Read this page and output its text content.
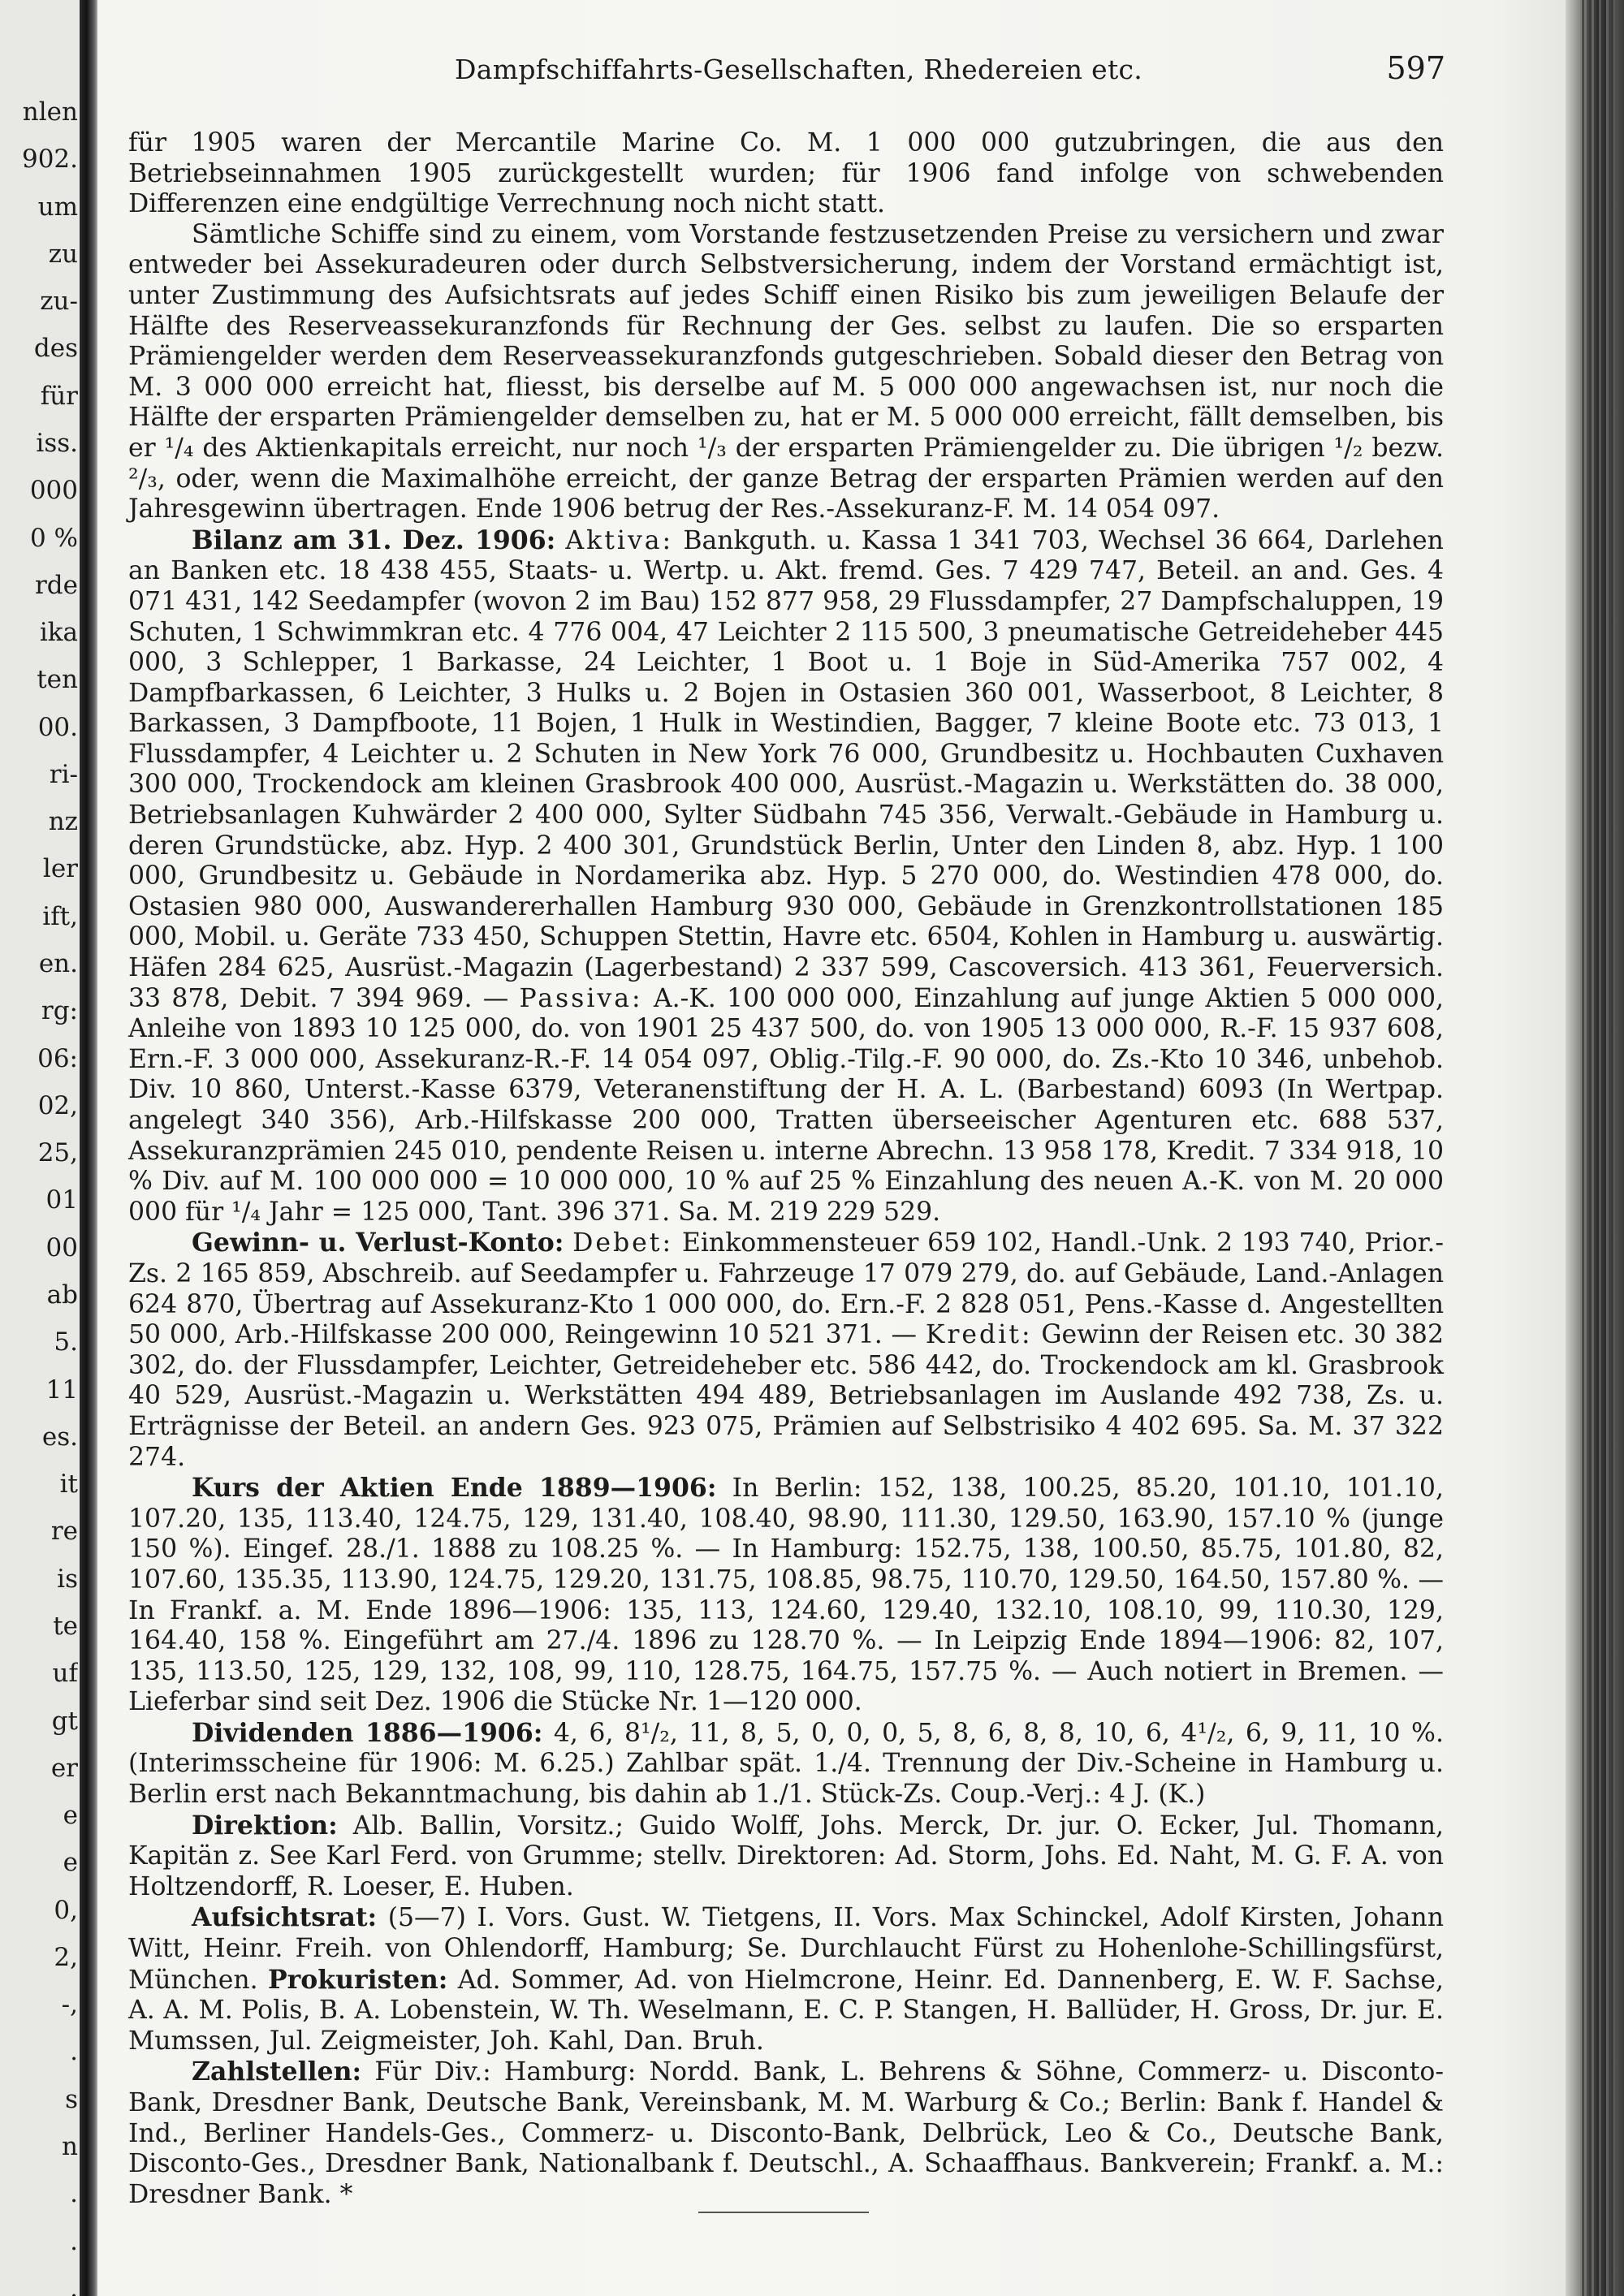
nlen
902.
um
zu
zu-
des
für
iss.
000
0 %
rde
ika
ten
00.
ri-
nz
ler
ift,
en.
rg:
06:
02,
25,
01
00
ab
5.
11
es.
it
re
is
te
uf
gt
er
e
e
0,
2,
-,
.
s
n
.
.
.
Dampfschiffahrts-Gesellschaften, Rhedereien etc.	597

für 1905 waren der Mercantile Marine Co. M. 1 000 000 gutzubringen, die aus den Betriebseinnahmen 1905 zurückgestellt wurden; für 1906 fand infolge von schwebenden Differenzen eine endgültige Verrechnung noch nicht statt.

Sämtliche Schiffe sind zu einem, vom Vorstande festzusetzenden Preise zu versichern und zwar entweder bei Assekuradeuren oder durch Selbstversicherung, indem der Vorstand ermächtigt ist, unter Zustimmung des Aufsichtsrats auf jedes Schiff einen Risiko bis zum jeweiligen Belaufe der Hälfte des Reserveassekuranzfonds für Rechnung der Ges. selbst zu laufen. Die so ersparten Prämiengelder werden dem Reserveassekuranzfonds gutgeschrieben. Sobald dieser den Betrag von M. 3 000 000 erreicht hat, fliesst, bis derselbe auf M. 5 000 000 angewachsen ist, nur noch die Hälfte der ersparten Prämiengelder demselben zu, hat er M. 5 000 000 erreicht, fällt demselben, bis er ¹/₄ des Aktienkapitals erreicht, nur noch ¹/₃ der ersparten Prämiengelder zu. Die übrigen ¹/₂ bezw. ²/₃, oder, wenn die Maximalhöhe erreicht, der ganze Betrag der ersparten Prämien werden auf den Jahresgewinn übertragen. Ende 1906 betrug der Res.-Assekuranz-F. M. 14 054 097.

Bilanz am 31. Dez. 1906: Aktiva: Bankguth. u. Kassa 1 341 703, Wechsel 36 664, Darlehen an Banken etc. 18 438 455, Staats- u. Wertp. u. Akt. fremd. Ges. 7 429 747, Beteil. an and. Ges. 4 071 431, 142 Seedampfer (wovon 2 im Bau) 152 877 958, 29 Flussdampfer, 27 Dampfschaluppen, 19 Schuten, 1 Schwimmkran etc. 4 776 004, 47 Leichter 2 115 500, 3 pneumatische Getreideheber 445 000, 3 Schlepper, 1 Barkasse, 24 Leichter, 1 Boot u. 1 Boje in Süd-Amerika 757 002, 4 Dampfbarkassen, 6 Leichter, 3 Hulks u. 2 Bojen in Ostasien 360 001, Wasserboot, 8 Leichter, 8 Barkassen, 3 Dampfboote, 11 Bojen, 1 Hulk in Westindien, Bagger, 7 kleine Boote etc. 73 013, 1 Flussdampfer, 4 Leichter u. 2 Schuten in New York 76 000, Grundbesitz u. Hochbauten Cuxhaven 300 000, Trockendock am kleinen Grasbrook 400 000, Ausrüst.-Magazin u. Werkstätten do. 38 000, Betriebsanlagen Kuhwärder 2 400 000, Sylter Südbahn 745 356, Verwalt.-Gebäude in Hamburg u. deren Grundstücke, abz. Hyp. 2 400 301, Grundstück Berlin, Unter den Linden 8, abz. Hyp. 1 100 000, Grundbesitz u. Gebäude in Nordamerika abz. Hyp. 5 270 000, do. Westindien 478 000, do. Ostasien 980 000, Auswandererhallen Hamburg 930 000, Gebäude in Grenzkontrollstationen 185 000, Mobil. u. Geräte 733 450, Schuppen Stettin, Havre etc. 6504, Kohlen in Hamburg u. auswärtig. Häfen 284 625, Ausrüst.-Magazin (Lagerbestand) 2 337 599, Cascoversich. 413 361, Feuerversich. 33 878, Debit. 7 394 969. — Passiva: A.-K. 100 000 000, Einzahlung auf junge Aktien 5 000 000, Anleihe von 1893 10 125 000, do. von 1901 25 437 500, do. von 1905 13 000 000, R.-F. 15 937 608, Ern.-F. 3 000 000, Assekuranz-R.-F. 14 054 097, Oblig.-Tilg.-F. 90 000, do. Zs.-Kto 10 346, unbehob. Div. 10 860, Unterst.-Kasse 6379, Veteranenstiftung der H. A. L. (Barbestand) 6093 (In Wertpap. angelegt 340 356), Arb.-Hilfskasse 200 000, Tratten überseeischer Agenturen etc. 688 537, Assekuranzprämien 245 010, pendente Reisen u. interne Abrechn. 13 958 178, Kredit. 7 334 918, 10 % Div. auf M. 100 000 000 = 10 000 000, 10 % auf 25 % Einzahlung des neuen A.-K. von M. 20 000 000 für ¹/₄ Jahr = 125 000, Tant. 396 371. Sa. M. 219 229 529.

Gewinn- u. Verlust-Konto: Debet: Einkommensteuer 659 102, Handl.-Unk. 2 193 740, Prior.-Zs. 2 165 859, Abschreib. auf Seedampfer u. Fahrzeuge 17 079 279, do. auf Gebäude, Land.-Anlagen 624 870, Übertrag auf Assekuranz-Kto 1 000 000, do. Ern.-F. 2 828 051, Pens.-Kasse d. Angestellten 50 000, Arb.-Hilfskasse 200 000, Reingewinn 10 521 371. — Kredit: Gewinn der Reisen etc. 30 382 302, do. der Flussdampfer, Leichter, Getreideheber etc. 586 442, do. Trockendock am kl. Grasbrook 40 529, Ausrüst.-Magazin u. Werkstätten 494 489, Betriebsanlagen im Auslande 492 738, Zs. u. Erträgnisse der Beteil. an andern Ges. 923 075, Prämien auf Selbstrisiko 4 402 695. Sa. M. 37 322 274.

Kurs der Aktien Ende 1889—1906: In Berlin: 152, 138, 100.25, 85.20, 101.10, 101.10, 107.20, 135, 113.40, 124.75, 129, 131.40, 108.40, 98.90, 111.30, 129.50, 163.90, 157.10 % (junge 150 %). Eingef. 28./1. 1888 zu 108.25 %. — In Hamburg: 152.75, 138, 100.50, 85.75, 101.80, 82, 107.60, 135.35, 113.90, 124.75, 129.20, 131.75, 108.85, 98.75, 110.70, 129.50, 164.50, 157.80 %. — In Frankf. a. M. Ende 1896—1906: 135, 113, 124.60, 129.40, 132.10, 108.10, 99, 110.30, 129, 164.40, 158 %. Eingeführt am 27./4. 1896 zu 128.70 %. — In Leipzig Ende 1894—1906: 82, 107, 135, 113.50, 125, 129, 132, 108, 99, 110, 128.75, 164.75, 157.75 %. — Auch notiert in Bremen. — Lieferbar sind seit Dez. 1906 die Stücke Nr. 1—120 000.

Dividenden 1886—1906: 4, 6, 8¹/₂, 11, 8, 5, 0, 0, 0, 5, 8, 6, 8, 8, 10, 6, 4¹/₂, 6, 9, 11, 10 %. (Interimsscheine für 1906: M. 6.25.) Zahlbar spät. 1./4. Trennung der Div.-Scheine in Hamburg u. Berlin erst nach Bekanntmachung, bis dahin ab 1./1. Stück-Zs. Coup.-Verj.: 4 J. (K.)

Direktion: Alb. Ballin, Vorsitz.; Guido Wolff, Johs. Merck, Dr. jur. O. Ecker, Jul. Thomann, Kapitän z. See Karl Ferd. von Grumme; stellv. Direktoren: Ad. Storm, Johs. Ed. Naht, M. G. F. A. von Holtzendorff, R. Loeser, E. Huben.

Aufsichtsrat: (5—7) I. Vors. Gust. W. Tietgens, II. Vors. Max Schinckel, Adolf Kirsten, Johann Witt, Heinr. Freih. von Ohlendorff, Hamburg; Se. Durchlaucht Fürst zu Hohenlohe-Schillingsfürst, München. Prokuristen: Ad. Sommer, Ad. von Hielmcrone, Heinr. Ed. Dannenberg, E. W. F. Sachse, A. A. M. Polis, B. A. Lobenstein, W. Th. Weselmann, E. C. P. Stangen, H. Ballüder, H. Gross, Dr. jur. E. Mumssen, Jul. Zeigmeister, Joh. Kahl, Dan. Bruh.

Zahlstellen: Für Div.: Hamburg: Nordd. Bank, L. Behrens & Söhne, Commerz- u. Disconto-Bank, Dresdner Bank, Deutsche Bank, Vereinsbank, M. M. Warburg & Co.; Berlin: Bank f. Handel & Ind., Berliner Handels-Ges., Commerz- u. Disconto-Bank, Delbrück, Leo & Co., Deutsche Bank, Disconto-Ges., Dresdner Bank, Nationalbank f. Deutschl., A. Schaaffhaus. Bankverein; Frankf. a. M.: Dresdner Bank. *
